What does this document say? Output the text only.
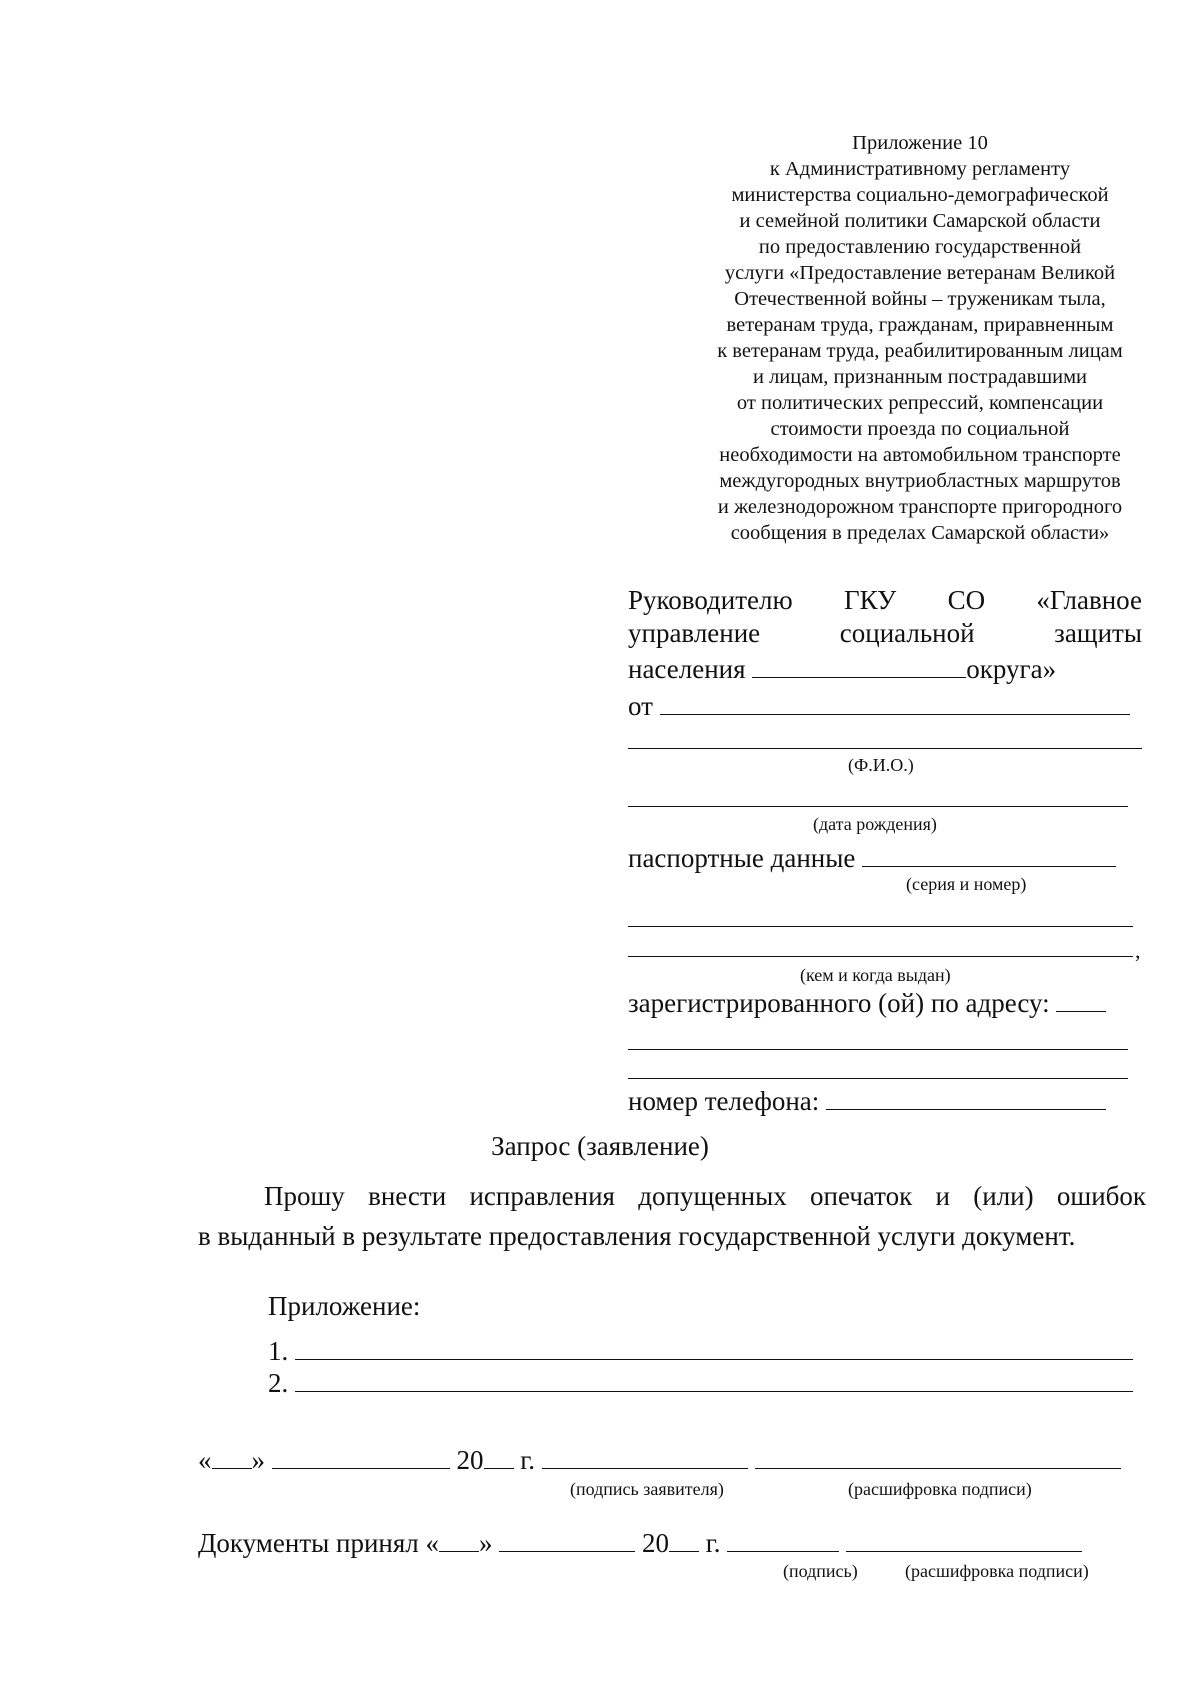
Приложение 10
к Административному регламенту
министерства социально-демографической
и семейной политики Самарской области
по предоставлению государственной
услуги «Предоставление ветеранам Великой
Отечественной войны – труженикам тыла,
ветеранам труда, гражданам, приравненным
к ветеранам труда, реабилитированным лицам
и лицам, признанным пострадавшими
от политических репрессий, компенсации
стоимости проезда по социальной
необходимости на автомобильном транспорте
междугородных внутриобластных маршрутов
и железнодорожном транспорте пригородного
сообщения в пределах Самарской области»
Руководителю ГКУ СО «Главное
управление	социальной	защиты
населения	округа»
от
(Ф.И.О.)
(дата рождения)
паспортные данные
(серия и номер)
,
(кем и когда выдан)
зарегистрированного (ой) по адресу:
номер телефона:
Запрос (заявление)
Прошу внести исправления допущенных опечаток и (или) ошибок
в выданный в результате предоставления государственной услуги документ.
Приложение:
1.
2.
« »	20 г.
(подпись заявителя)	(расшифровка подписи)
Документы принял « »	20 г.
(подпись)	(расшифровка подписи)
